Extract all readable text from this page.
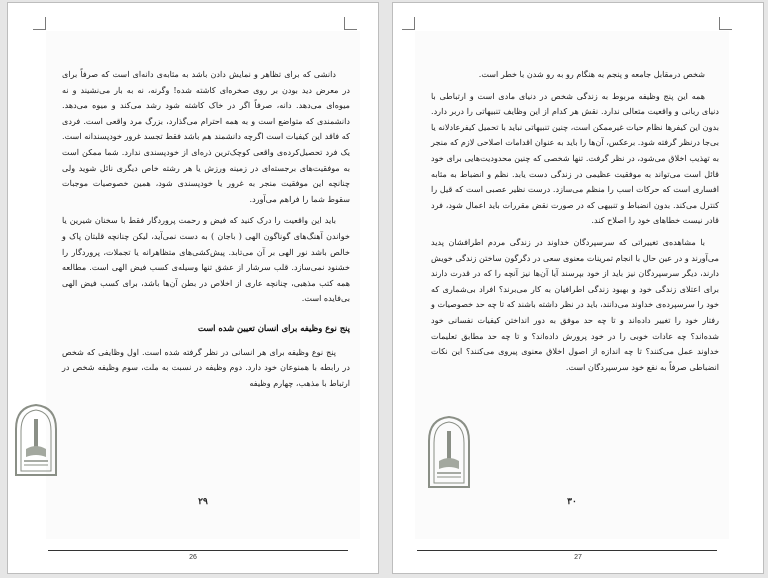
دانشی که برای تظاهر و نمایش دادن باشد به مثابه‌ی دانه‌ای است که صرفاً برای در معرض دید بودن بر روی صخره‌ای کاشته شده! وگرنه، نه به بار می‌نشیند و نه میوه‌ای می‌دهد. دانه، صرفاً اگر در خاک کاشته شود رشد می‌کند و میوه می‌دهد. دانشمندی که متواضع است و به همه احترام می‌گذارد، بزرگ مرد واقعی است. فردی که فاقد این کیفیات است اگرچه دانشمند هم باشد فقط تجسد غرور خودپسندانه است. یک فرد تحصیل‌کرده‌ی واقعی کوچک‌ترین ذره‌ای از خودپسندی ندارد. شما ممکن است به موفقیت‌های برجسته‌ای در زمینه ورزش یا هر رشته خاص دیگری نائل شوید ولی چنانچه این موفقیت منجر به غرور یا خودپسندی شود، همین خصوصیات موجبات سقوط شما را فراهم می‌آورد.

باید این واقعیت را درک کنید که فیض و رحمت پروردگار فقط با سخنان شیرین یا خواندن آهنگ‌های گوناگون الهی ( باجان ) به دست نمی‌آید، لیکن چنانچه قلبتان پاک و خالص باشد نور الهی بر آن می‌تابد. پیش‌کشی‌های متظاهرانه یا تجملات، پروردگار را خشنود نمی‌سازد. قلب سرشار از عشق تنها وسیله‌ی کسب فیض الهی است. مطالعه همه کتب مذهبی، چنانچه عاری از اخلاص در بطن آن‌ها باشد، برای کسب فیض الهی بی‌فایده است.

پنج نوع وظیفه برای انسان تعیین شده است

پنج نوع وظیفه برای هر انسانی در نظر گرفته شده است. اول وظایفی که شخص در رابطه با همنوعان خود دارد. دوم وظیفه در نسبت به ملت، سوم وظیفه شخص در ارتباط با مذهب، چهارم وظیفه

۲۹
26

شخص درمقابل جامعه و پنجم به هنگام رو به رو شدن با خطر است.

همه این پنج وظیفه مربوط به زندگی شخص در دنیای مادی است و ارتباطی با دنیای ربانی و واقعیت متعالی ندارد. نقش هر کدام از این وظایف تنبیهاتی را دربر دارد. بدون این کیفرها نظام حیات غیرممکن است، چنین تنبیهاتی نباید با تحمیل کیفرعادلانه یا بی‌جا درنظر گرفته شود. برعکس، آن‌ها را باید به عنوان اقدامات اصلاحی لازم که منجر به تهذیب اخلاق می‌شود، در نظر گرفت. تنها شخصی که چنین محدودیت‌هایی برای خود قائل است می‌تواند به موفقیت عظیمی در زندگی دست یابد. نظم و انضباط به مثابه افساری است که حرکات اسب را منظم می‌سازد. درست نظیر عصبی است که قیل را کنترل می‌کند. بدون انضباط و تنبیهی که در صورت نقض مقررات باید اعمال شود، فرد قادر نیست خطاهای خود را اصلاح کند.

با مشاهده‌ی تغییراتی که سرسپردگان خداوند در زندگی مردم اطرافشان پدید می‌آورند و در عین حال با انجام تمرینات معنوی سعی در دگرگون ساختن زندگی خویش دارند، دیگر سرسپردگان نیز باید از خود بپرسند آیا آن‌ها نیز آنچه را که در قدرت دارند برای اعتلای زندگی خود و بهبود زندگی اطرافیان به کار می‌برند؟ افراد بی‌شماری که خود را سرسپرده‌ی خداوند می‌دانند، باید در نظر داشته باشند که تا چه حد خصوصیات و رفتار خود را تغییر داده‌اند و تا چه حد موفق به دور انداختن کیفیات نفسانی خود شده‌اند؟ چه عادات خوبی را در خود پرورش داده‌اند؟ و تا چه حد مطابق تعلیمات خداوند عمل می‌کنند؟ تا چه اندازه از اصول اخلاق معنوی پیروی می‌کنند؟ این نکات انضباطی صرفاً به نفع خود سرسپردگان است.

۳۰
27
